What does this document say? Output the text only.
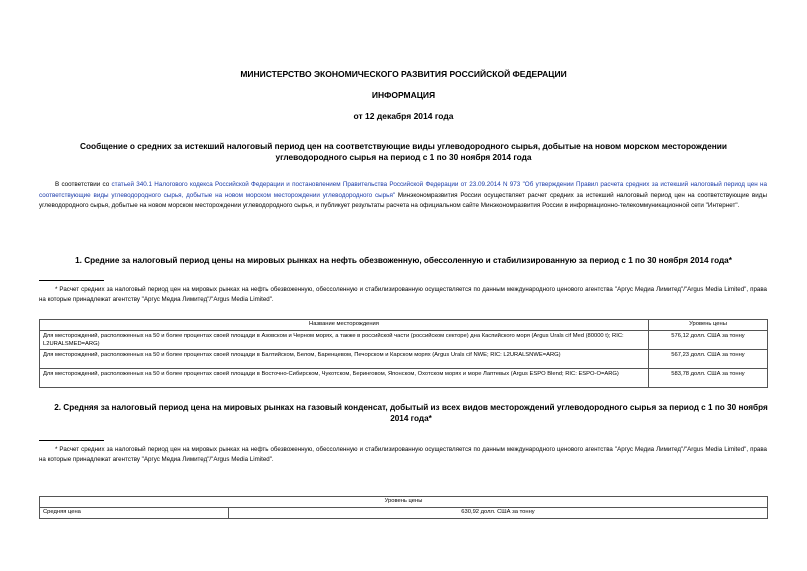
МИНИСТЕРСТВО ЭКОНОМИЧЕСКОГО РАЗВИТИЯ РОССИЙСКОЙ ФЕДЕРАЦИИ
ИНФОРМАЦИЯ
от 12 декабря 2014 года
Сообщение о средних за истекший налоговый период цен на соответствующие виды углеводородного сырья, добытые на новом морском месторождении углеводородного сырья на период с 1 по 30 ноября 2014 года
В соответствии со статьей 340.1 Налогового кодекса Российской Федерации и постановлением Правительства Российской Федерации от 23.09.2014 N 973 "Об утверждении Правил расчета средних за истекший налоговый период цен на соответствующие виды углеводородного сырья, добытые на новом морском месторождении углеводородного сырья" Минэкономразвития России осуществляет расчет средних за истекший налоговый период цен на соответствующие виды углеводородного сырья, добытые на новом морском месторождении углеводородного сырья, и публикует результаты расчета на официальном сайте Минэкономразвития России в информационно-телекоммуникационной сети "Интернет".
1. Средние за налоговый период цены на мировых рынках на нефть обезвоженную, обессоленную и стабилизированную за период с 1 по 30 ноября 2014 года*
* Расчет средних за налоговый период цен на мировых рынках на нефть обезвоженную, обессоленную и стабилизированную осуществляется по данным международного ценового агентства "Аргус Медиа Лимитед"/"Argus Media Limited", права на которые принадлежат агентству "Аргус Медиа Лимитед"/"Argus Media Limited".
Название месторождения	Уровень цены
Для месторождений, расположенных на 50 и более процентах своей площади в Азовском и Черном морях, а также в российской части (российском секторе) дна Каспийского моря (Argus Urals cif Med (80000 t); RIC: L2URALSMED=ARG)	576,12 долл. США за тонну
Для месторождений, расположенных на 50 и более процентах своей площади в Балтийском, Белом, Баренцевом, Печорском и Карском морях (Argus Urals cif NWE; RIC: L2URALSNWE=ARG)	567,23 долл. США за тонну
Для месторождений, расположенных на 50 и более процентах своей площади в Восточно-Сибирском, Чукотском, Беринговом, Японском, Охотском морях и море Лаптевых (Argus ESPO Blend; RIC: ESPO-O=ARG)	583,78 долл. США за тонну
2. Средняя за налоговый период цена на мировых рынках на газовый конденсат, добытый из всех видов месторождений углеводородного сырья за период с 1 по 30 ноября 2014 года*
* Расчет средних за налоговый период цен на мировых рынках на нефть обезвоженную, обессоленную и стабилизированную осуществляется по данным международного ценового агентства "Аргус Медиа Лимитед"/"Argus Media Limited", права на которые принадлежат агентству "Аргус Медиа Лимитед"/"Argus Media Limited".
Уровень цены
Средняя цена	630,92 долл. США за тонну
